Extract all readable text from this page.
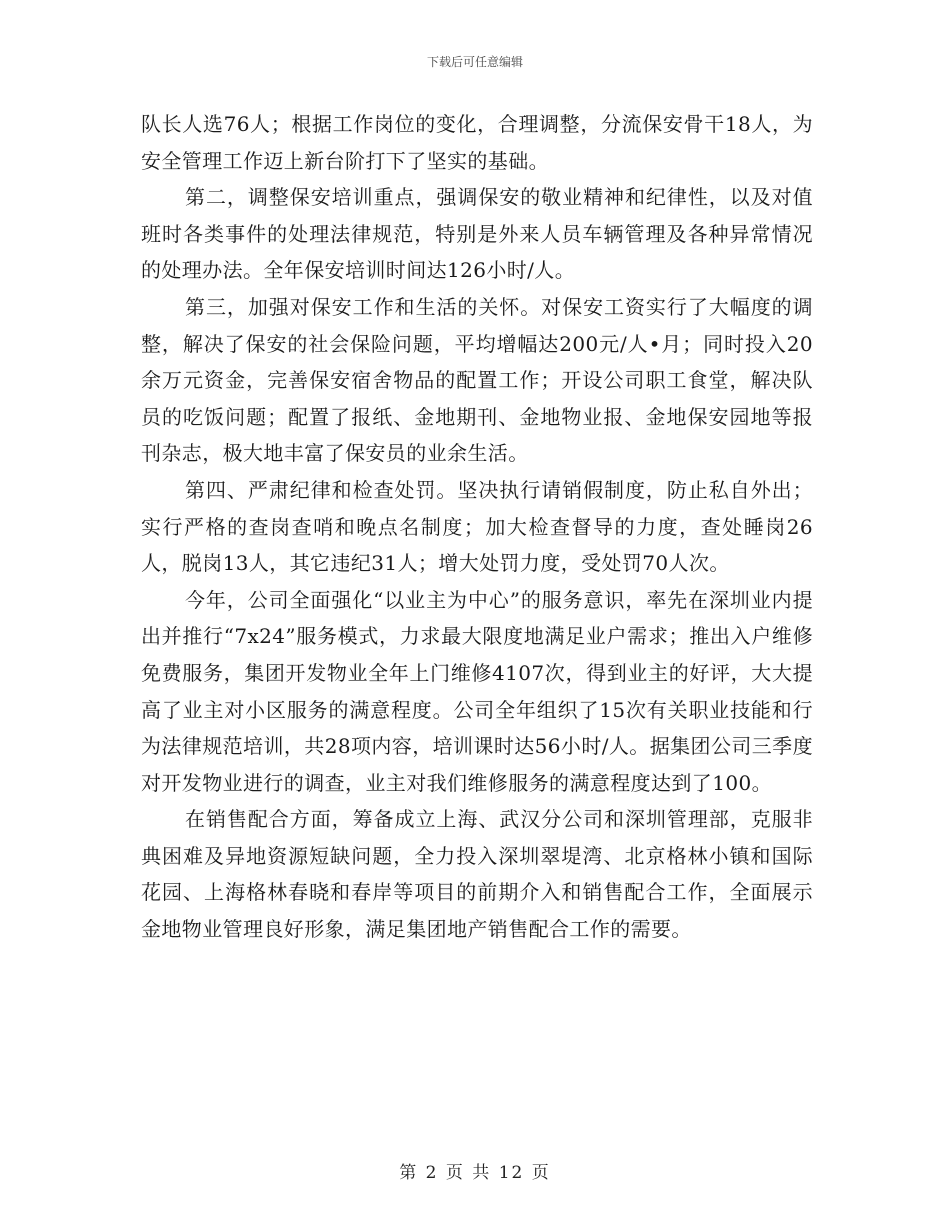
下载后可任意编辑

队长人选76人；根据工作岗位的变化，合理调整，分流保安骨干18人，为安全管理工作迈上新台阶打下了坚实的基础。

第二，调整保安培训重点，强调保安的敬业精神和纪律性，以及对值班时各类事件的处理法律规范，特别是外来人员车辆管理及各种异常情况的处理办法。全年保安培训时间达126小时/人。

第三，加强对保安工作和生活的关怀。对保安工资实行了大幅度的调整，解决了保安的社会保险问题，平均增幅达200元/人•月；同时投入20余万元资金，完善保安宿舍物品的配置工作；开设公司职工食堂，解决队员的吃饭问题；配置了报纸、金地期刊、金地物业报、金地保安园地等报刊杂志，极大地丰富了保安员的业余生活。

第四、严肃纪律和检查处罚。坚决执行请销假制度，防止私自外出；实行严格的查岗查哨和晚点名制度；加大检查督导的力度，查处睡岗26人，脱岗13人，其它违纪31人；增大处罚力度，受处罚70人次。

今年，公司全面强化“以业主为中心”的服务意识，率先在深圳业内提出并推行“7x24”服务模式，力求最大限度地满足业户需求；推出入户维修免费服务，集团开发物业全年上门维修4107次，得到业主的好评，大大提高了业主对小区服务的满意程度。公司全年组织了15次有关职业技能和行为法律规范培训，共28项内容，培训课时达56小时/人。据集团公司三季度对开发物业进行的调查，业主对我们维修服务的满意程度达到了100。

在销售配合方面，筹备成立上海、武汉分公司和深圳管理部，克服非典困难及异地资源短缺问题，全力投入深圳翠堤湾、北京格林小镇和国际花园、上海格林春晓和春岸等项目的前期介入和销售配合工作，全面展示金地物业管理良好形象，满足集团地产销售配合工作的需要。

第 2 页 共 12 页
